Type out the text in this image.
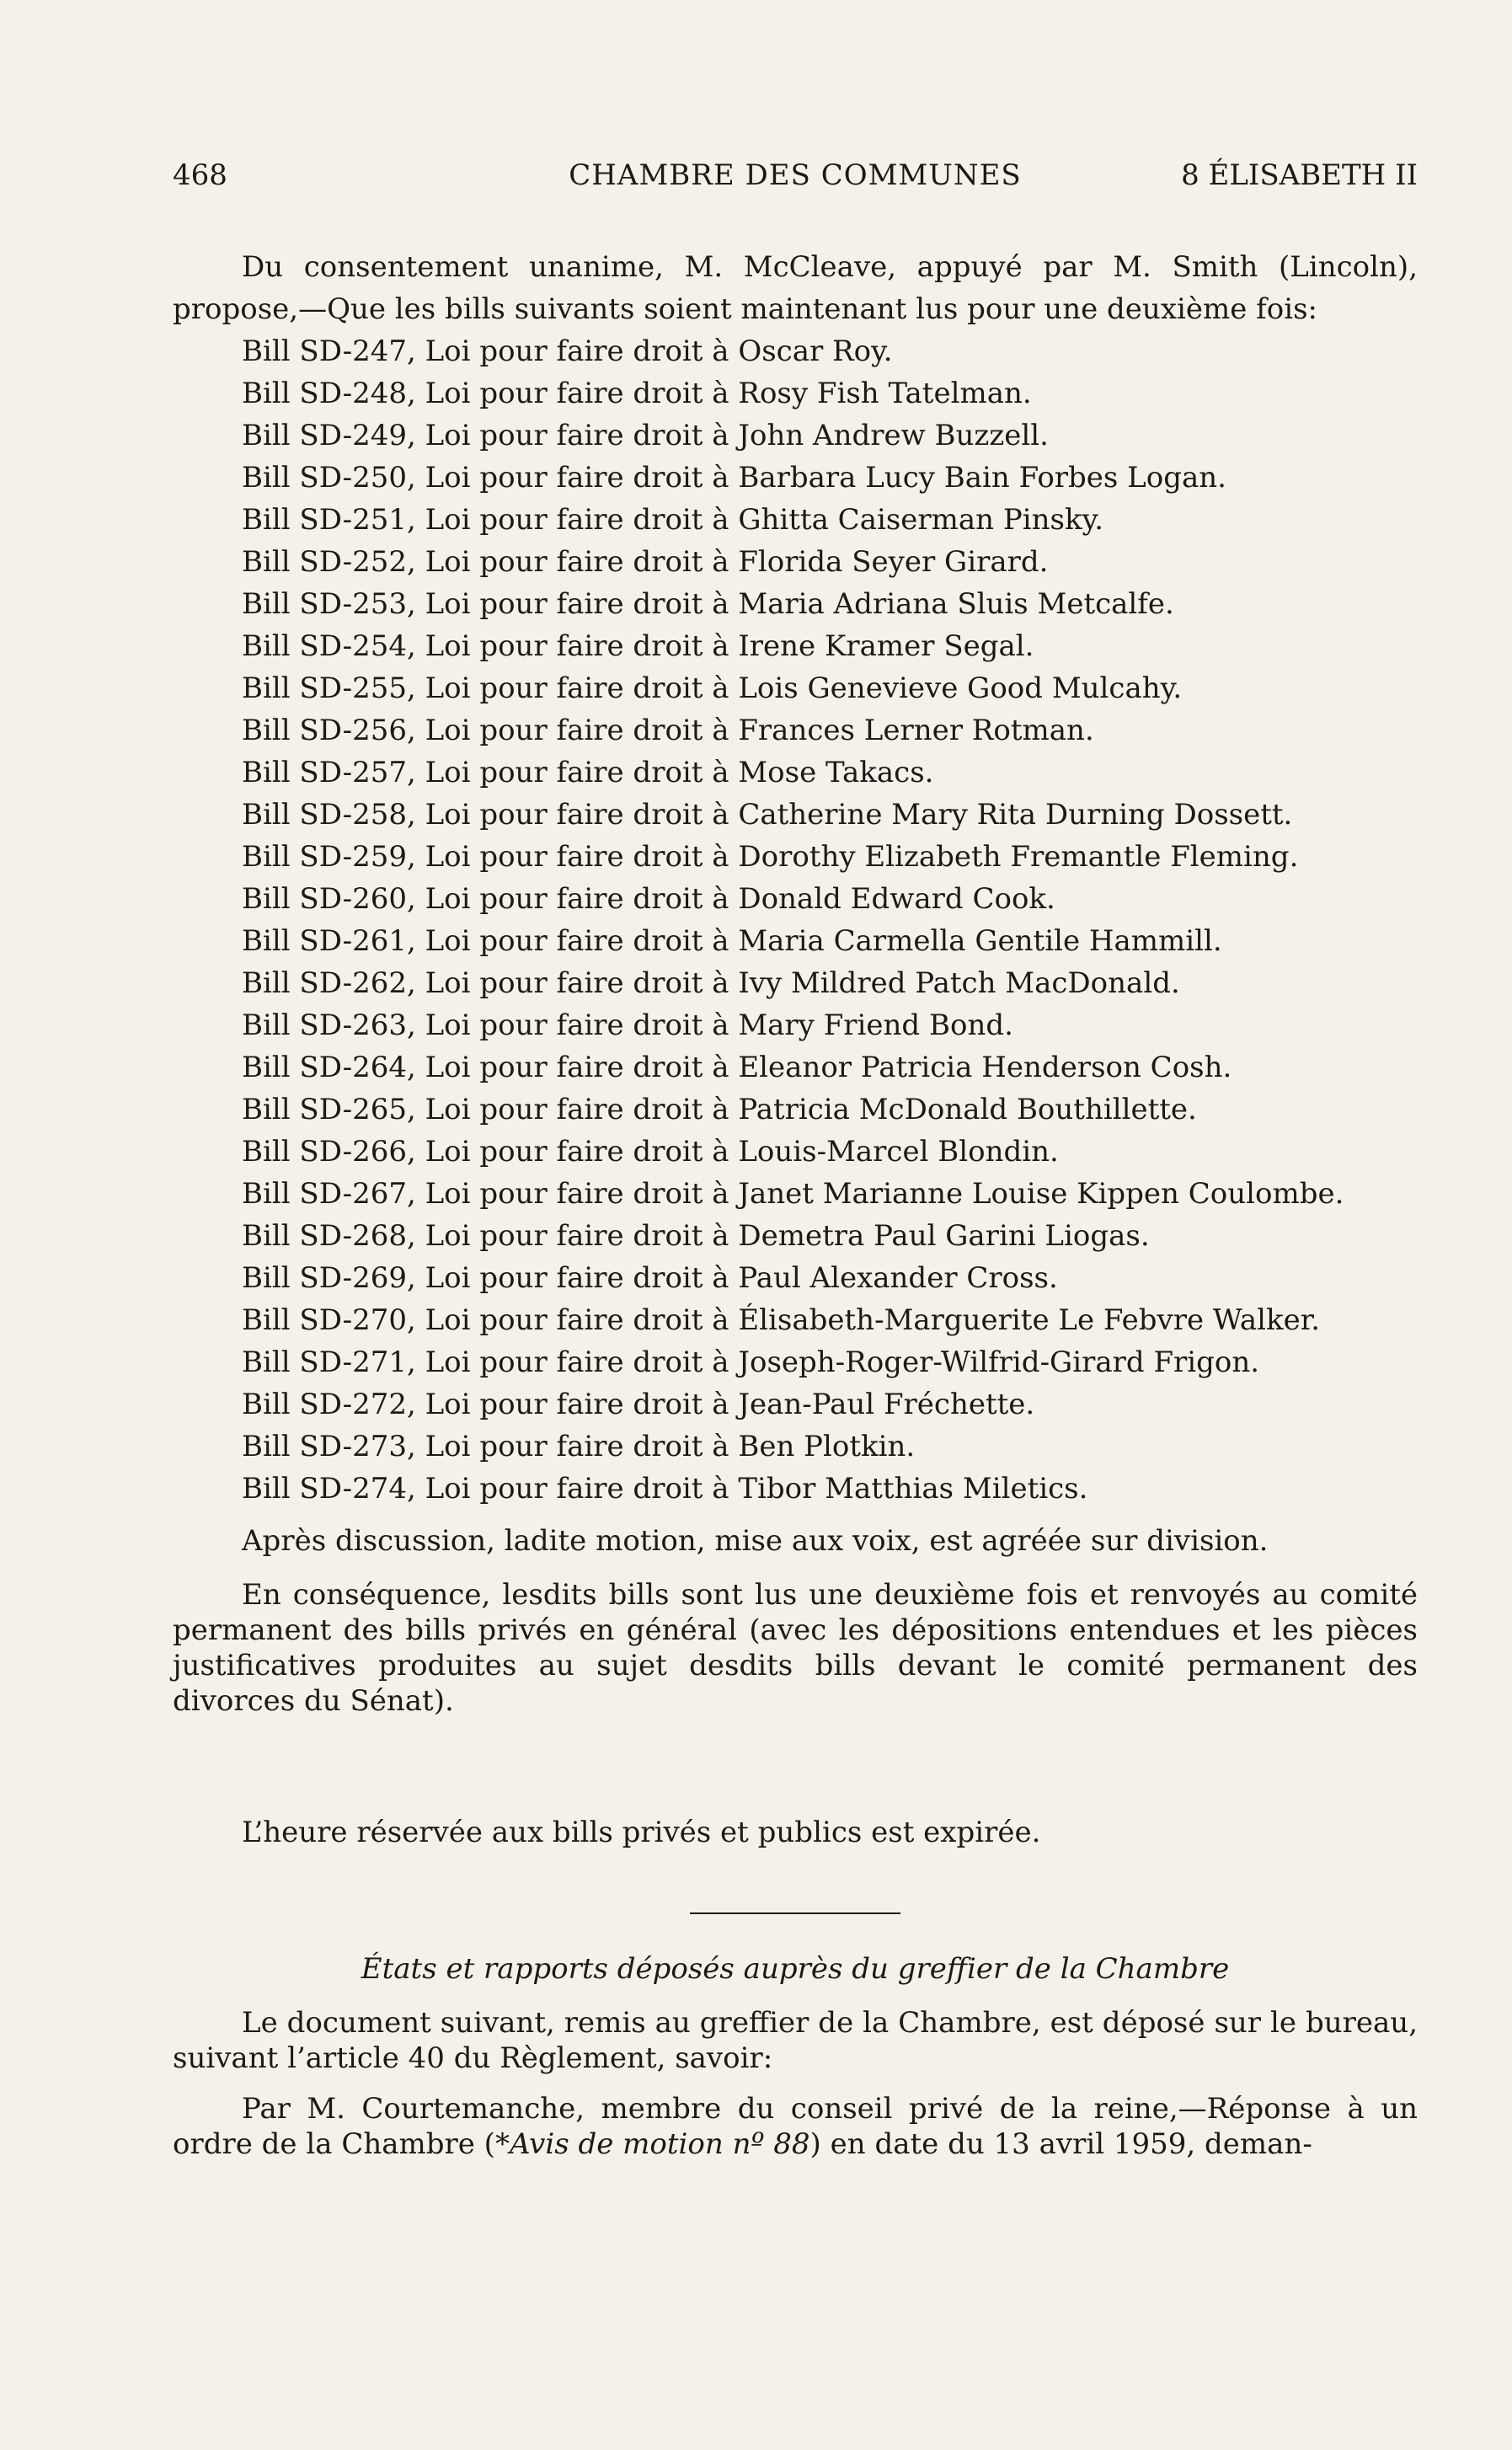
468	CHAMBRE DES COMMUNES	8 ÉLISABETH II

Du consentement unanime, M. McCleave, appuyé par M. Smith (Lincoln), propose,—Que les bills suivants soient maintenant lus pour une deuxième fois:

Bill SD-247, Loi pour faire droit à Oscar Roy.

Bill SD-248, Loi pour faire droit à Rosy Fish Tatelman.

Bill SD-249, Loi pour faire droit à John Andrew Buzzell.

Bill SD-250, Loi pour faire droit à Barbara Lucy Bain Forbes Logan.

Bill SD-251, Loi pour faire droit à Ghitta Caiserman Pinsky.

Bill SD-252, Loi pour faire droit à Florida Seyer Girard.

Bill SD-253, Loi pour faire droit à Maria Adriana Sluis Metcalfe.

Bill SD-254, Loi pour faire droit à Irene Kramer Segal.

Bill SD-255, Loi pour faire droit à Lois Genevieve Good Mulcahy.

Bill SD-256, Loi pour faire droit à Frances Lerner Rotman.

Bill SD-257, Loi pour faire droit à Mose Takacs.

Bill SD-258, Loi pour faire droit à Catherine Mary Rita Durning Dossett.

Bill SD-259, Loi pour faire droit à Dorothy Elizabeth Fremantle Fleming.

Bill SD-260, Loi pour faire droit à Donald Edward Cook.

Bill SD-261, Loi pour faire droit à Maria Carmella Gentile Hammill.

Bill SD-262, Loi pour faire droit à Ivy Mildred Patch MacDonald.

Bill SD-263, Loi pour faire droit à Mary Friend Bond.

Bill SD-264, Loi pour faire droit à Eleanor Patricia Henderson Cosh.

Bill SD-265, Loi pour faire droit à Patricia McDonald Bouthillette.

Bill SD-266, Loi pour faire droit à Louis-Marcel Blondin.

Bill SD-267, Loi pour faire droit à Janet Marianne Louise Kippen Coulombe.

Bill SD-268, Loi pour faire droit à Demetra Paul Garini Liogas.

Bill SD-269, Loi pour faire droit à Paul Alexander Cross.

Bill SD-270, Loi pour faire droit à Élisabeth-Marguerite Le Febvre Walker.

Bill SD-271, Loi pour faire droit à Joseph-Roger-Wilfrid-Girard Frigon.

Bill SD-272, Loi pour faire droit à Jean-Paul Fréchette.

Bill SD-273, Loi pour faire droit à Ben Plotkin.

Bill SD-274, Loi pour faire droit à Tibor Matthias Miletics.

Après discussion, ladite motion, mise aux voix, est agréée sur division.

En conséquence, lesdits bills sont lus une deuxième fois et renvoyés au comité permanent des bills privés en général (avec les dépositions entendues et les pièces justificatives produites au sujet desdits bills devant le comité permanent des divorces du Sénat).

L’heure réservée aux bills privés et publics est expirée.

États et rapports déposés auprès du greffier de la Chambre

Le document suivant, remis au greffier de la Chambre, est déposé sur le bureau, suivant l’article 40 du Règlement, savoir:

Par M. Courtemanche, membre du conseil privé de la reine,—Réponse à un ordre de la Chambre (*Avis de motion nº 88) en date du 13 avril 1959, deman-
